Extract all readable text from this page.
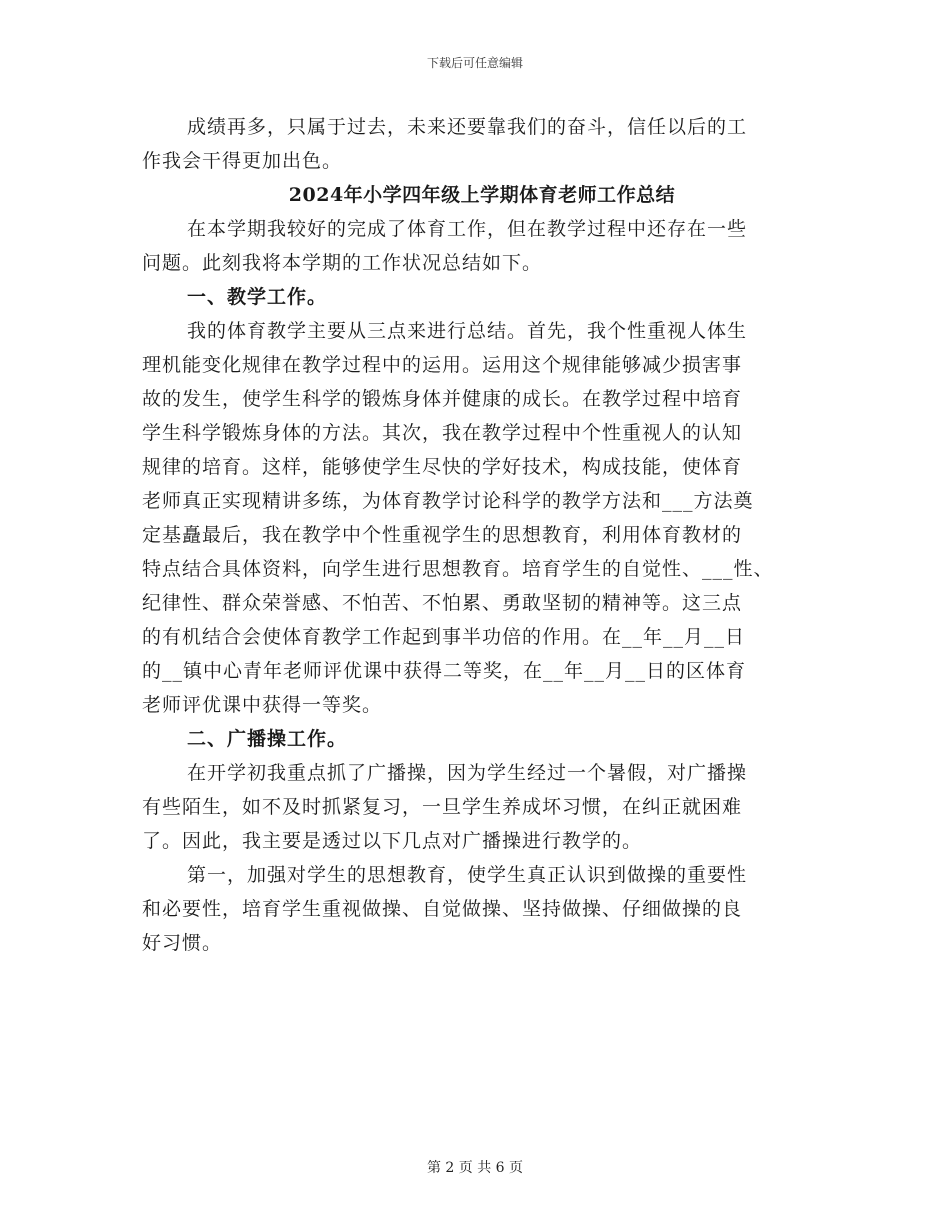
下载后可任意编辑
成绩再多，只属于过去，未来还要靠我们的奋斗，信任以后的工
作我会干得更加出色。
2024年小学四年级上学期体育老师工作总结
在本学期我较好的完成了体育工作，但在教学过程中还存在一些
问题。此刻我将本学期的工作状况总结如下。
一、教学工作。
我的体育教学主要从三点来进行总结。首先，我个性重视人体生
理机能变化规律在教学过程中的运用。运用这个规律能够减少损害事
故的发生，使学生科学的锻炼身体并健康的成长。在教学过程中培育
学生科学锻炼身体的方法。其次，我在教学过程中个性重视人的认知
规律的培育。这样，能够使学生尽快的学好技术，构成技能，使体育
老师真正实现精讲多练，为体育教学讨论科学的教学方法和___方法奠
定基矗最后，我在教学中个性重视学生的思想教育，利用体育教材的
特点结合具体资料，向学生进行思想教育。培育学生的自觉性、___性、
纪律性、群众荣誉感、不怕苦、不怕累、勇敢坚韧的精神等。这三点
的有机结合会使体育教学工作起到事半功倍的作用。在__年__月__日
的__镇中心青年老师评优课中获得二等奖，在__年__月__日的区体育
老师评优课中获得一等奖。
二、广播操工作。
在开学初我重点抓了广播操，因为学生经过一个暑假，对广播操
有些陌生，如不及时抓紧复习，一旦学生养成坏习惯，在纠正就困难
了。因此，我主要是透过以下几点对广播操进行教学的。
第一，加强对学生的思想教育，使学生真正认识到做操的重要性
和必要性，培育学生重视做操、自觉做操、坚持做操、仔细做操的良
好习惯。
第 2 页 共 6 页
